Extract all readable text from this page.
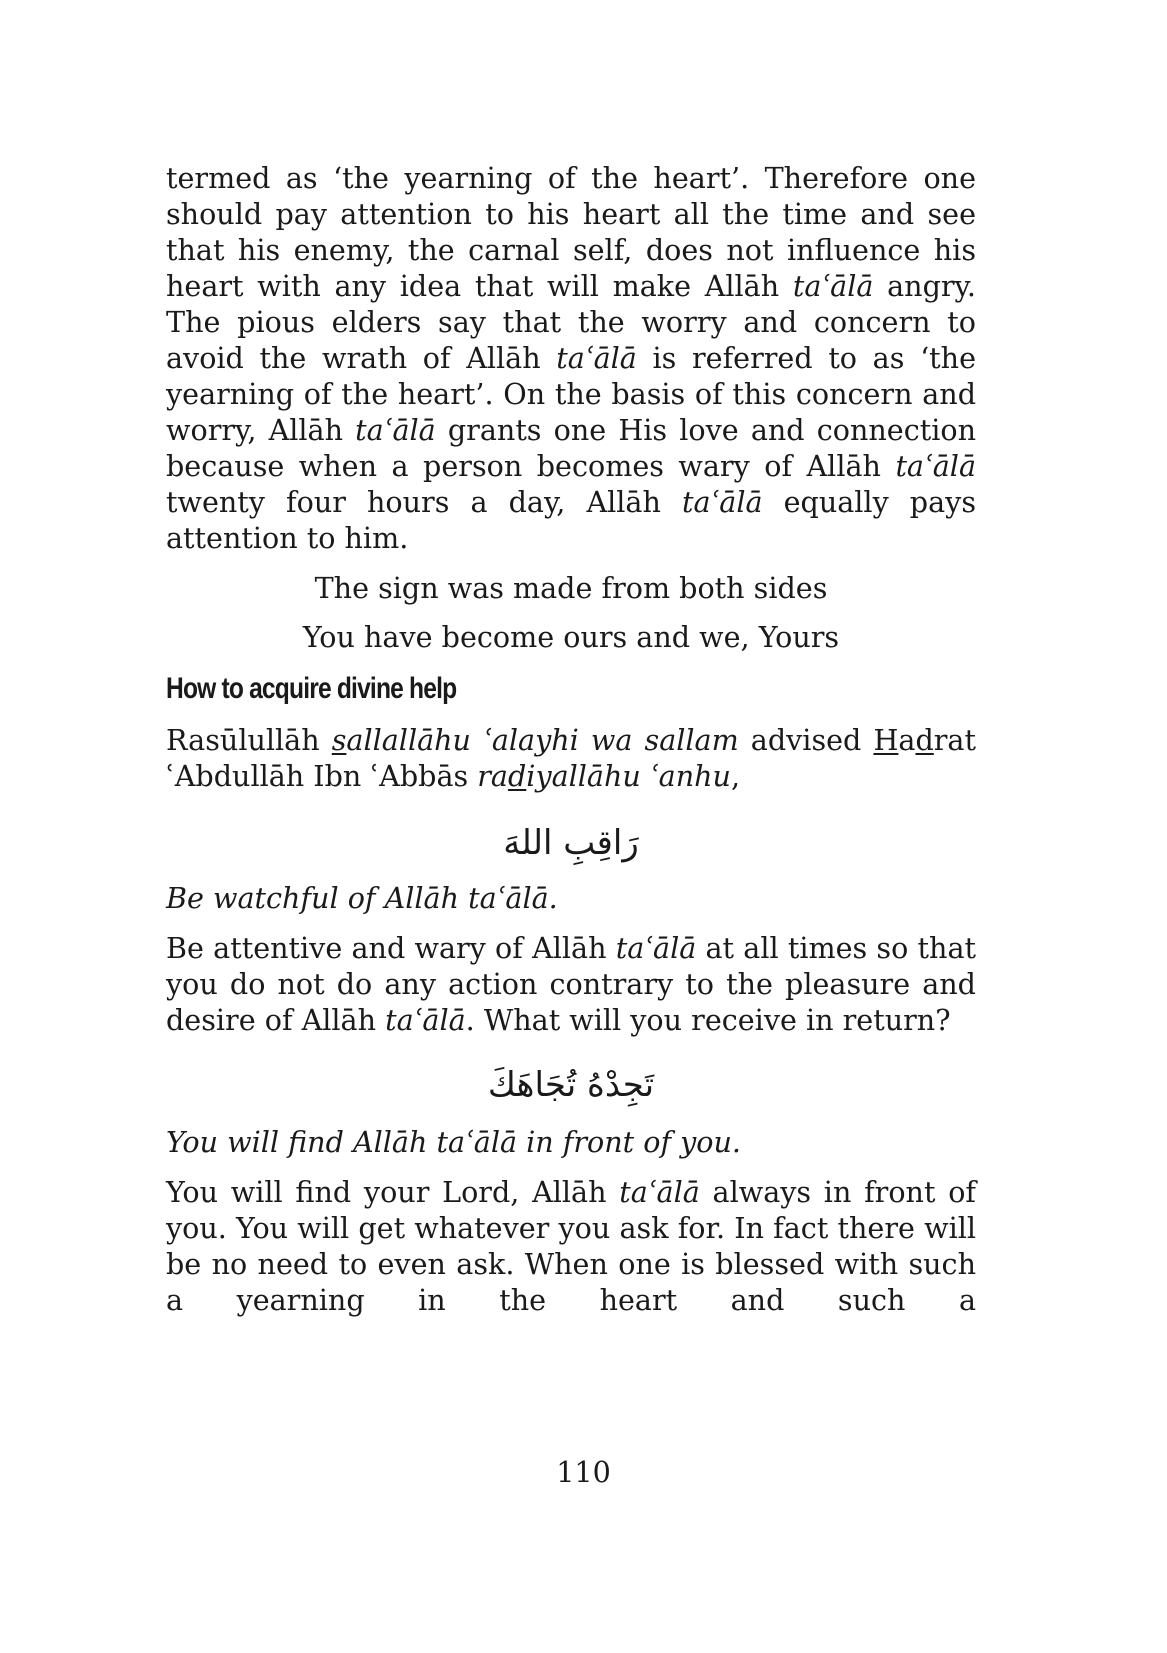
termed as ‘the yearning of the heart’. Therefore one should pay attention to his heart all the time and see that his enemy, the carnal self, does not influence his heart with any idea that will make Allāh taʿālā angry. The pious elders say that the worry and concern to avoid the wrath of Allāh taʿālā is referred to as ‘the yearning of the heart’. On the basis of this concern and worry, Allāh taʿālā grants one His love and connection because when a person becomes wary of Allāh taʿālā twenty four hours a day, Allāh taʿālā equally pays attention to him.

The sign was made from both sides

You have become ours and we, Yours

How to acquire divine help

Rasūlullāh sallallāhu ʿalayhi wa sallam advised Hadrat ʿAbdullāh Ibn ʿAbbās radiyallāhu ʿanhu,

رَاقِبِ اللهَ

Be watchful of Allāh taʿālā.

Be attentive and wary of Allāh taʿālā at all times so that you do not do any action contrary to the pleasure and desire of Allāh taʿālā. What will you receive in return?

تَجِدْهُ تُجَاهَكَ

You will find Allāh taʿālā in front of you.

You will find your Lord, Allāh taʿālā always in front of you. You will get whatever you ask for. In fact there will be no need to even ask. When one is blessed with such a yearning in the heart and such a

110
